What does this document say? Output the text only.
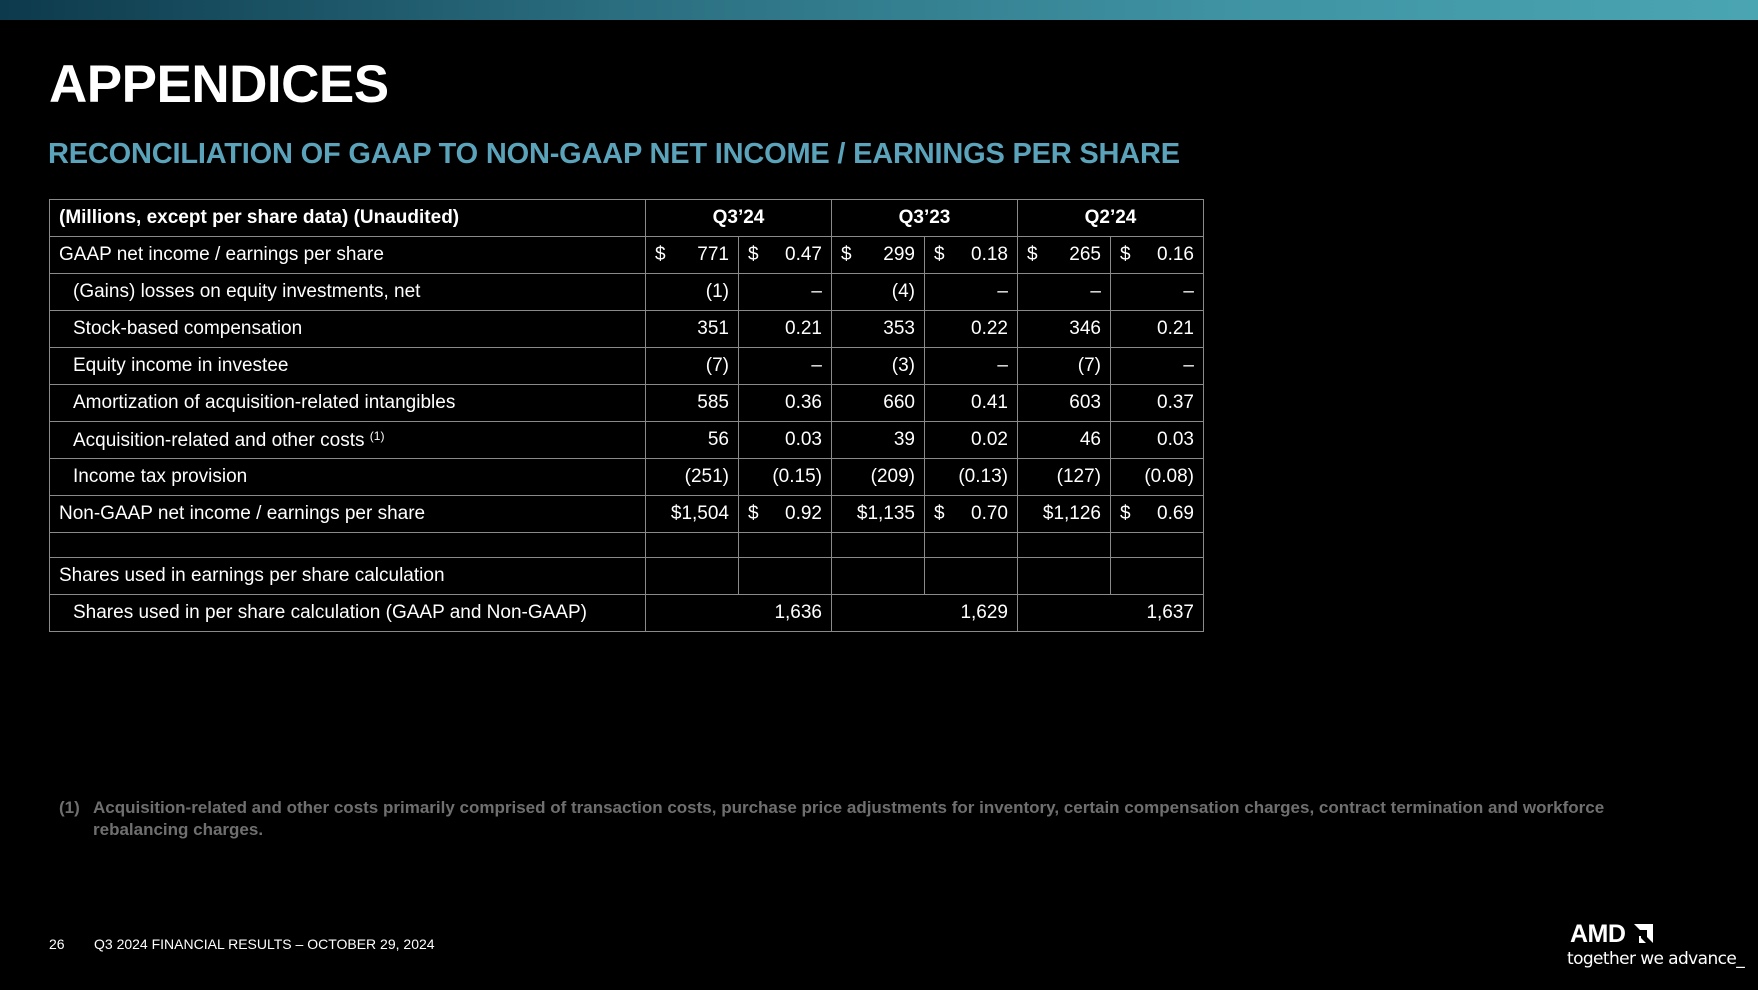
APPENDICES
RECONCILIATION OF GAAP TO NON-GAAP NET INCOME / EARNINGS PER SHARE
(Millions, except per share data) (Unaudited)	Q3’24		Q3’23		Q2’24	
GAAP net income / earnings per share	$ 771	$ 0.47	$ 299	$ 0.18	$ 265	$ 0.16
(Gains) losses on equity investments, net	(1)	–	(4)	–	–	–
Stock-based compensation	351	0.21	353	0.22	346	0.21
Equity income in investee	(7)	–	(3)	–	(7)	–
Amortization of acquisition-related intangibles	585	0.36	660	0.41	603	0.37
Acquisition-related and other costs $^{(1)}$	56	0.03	39	0.02	46	0.03
Income tax provision	(251)	(0.15)	(209)	(0.13)	(127)	(0.08)
Non-GAAP net income / earnings per share	$1,504	$ 0.92	$1,135	$ 0.70	$1,126	$ 0.69

Shares used in earnings per share calculation						
Shares used in per share calculation (GAAP and Non-GAAP)	1,636		1,629		1,637	
(1) Acquisition-related and other costs primarily comprised of transaction costs, purchase price adjustments for inventory, certain compensation charges, contract termination and workforce rebalancing charges.
26 Q3 2024 FINANCIAL RESULTS – OCTOBER 29, 2024	AMD
together we advance_
